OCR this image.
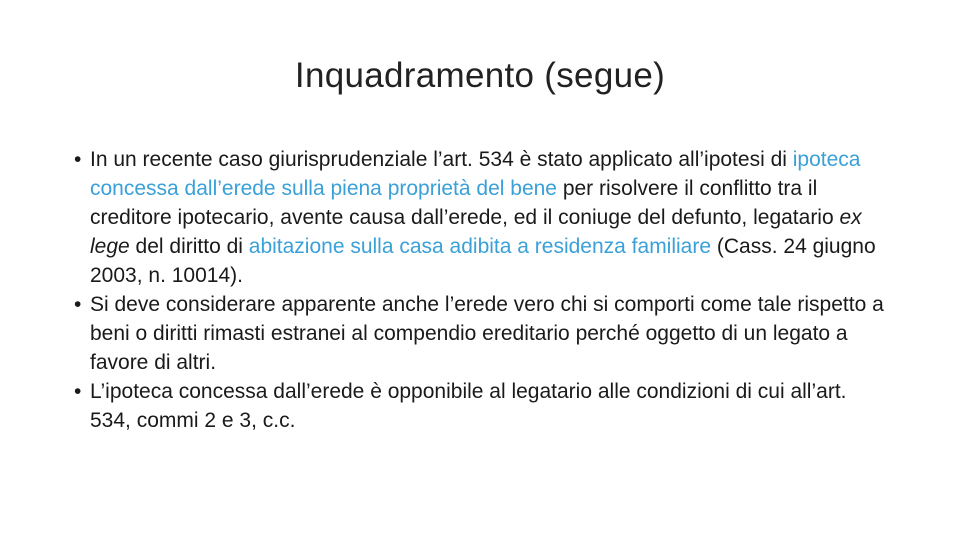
Inquadramento (segue)
• In un recente caso giurisprudenziale l’art. 534 è stato applicato all’ipotesi di ipoteca concessa dall’erede sulla piena proprietà del bene per risolvere il conflitto tra il creditore ipotecario, avente causa dall’erede, ed il coniuge del defunto, legatario ex lege del diritto di abitazione sulla casa adibita a residenza familiare (Cass. 24 giugno 2003, n. 10014).
• Si deve considerare apparente anche l’erede vero chi si comporti come tale rispetto a beni o diritti rimasti estranei al compendio ereditario perché oggetto di un legato a favore di altri.
• L’ipoteca concessa dall’erede è opponibile al legatario alle condizioni di cui all’art. 534, commi 2 e 3, c.c.
